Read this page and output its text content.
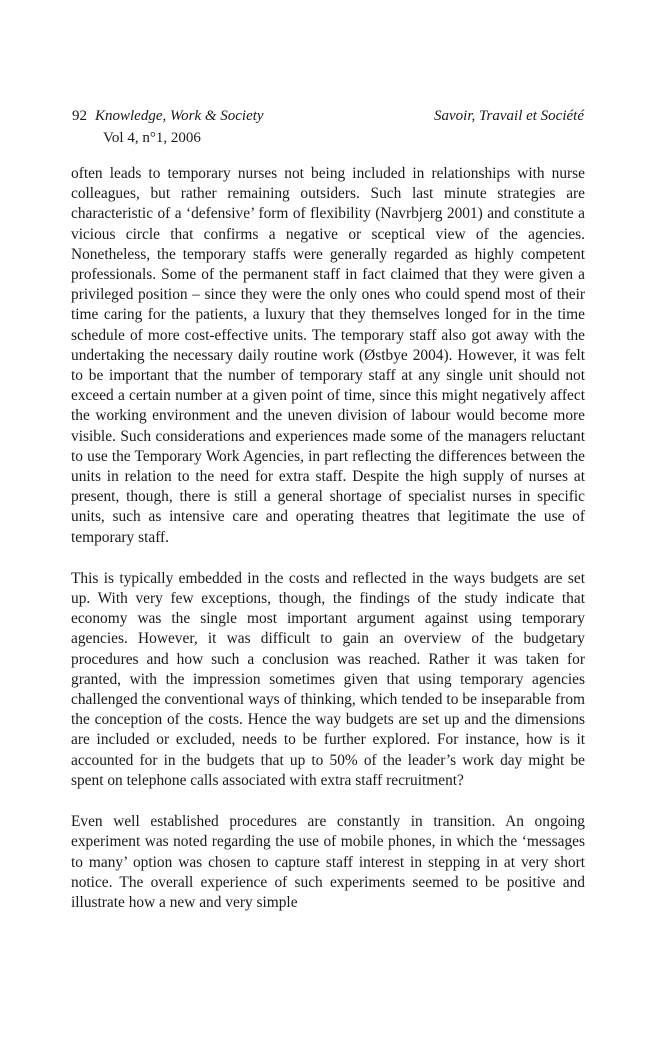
92 Knowledge, Work & Society
Vol 4, n°1, 2006
Savoir, Travail et Société

often leads to temporary nurses not being included in relationships with nurse colleagues, but rather remaining outsiders. Such last minute strategies are characteristic of a ‘defensive’ form of flexibility (Navrbjerg 2001) and constitute a vicious circle that confirms a negative or sceptical view of the agencies. Nonetheless, the temporary staffs were generally regarded as highly competent professionals. Some of the permanent staff in fact claimed that they were given a privileged position – since they were the only ones who could spend most of their time caring for the patients, a luxury that they themselves longed for in the time schedule of more cost-effective units. The temporary staff also got away with the undertaking the necessary daily routine work (Østbye 2004). However, it was felt to be important that the number of temporary staff at any single unit should not exceed a certain number at a given point of time, since this might negatively affect the working environment and the uneven division of labour would become more visible. Such considerations and experiences made some of the managers reluctant to use the Temporary Work Agencies, in part reflecting the differences between the units in relation to the need for extra staff. Despite the high supply of nurses at present, though, there is still a general shortage of specialist nurses in specific units, such as intensive care and operating theatres that legitimate the use of temporary staff.

This is typically embedded in the costs and reflected in the ways budgets are set up. With very few exceptions, though, the findings of the study indicate that economy was the single most important argument against using temporary agencies. However, it was difficult to gain an overview of the budgetary procedures and how such a conclusion was reached. Rather it was taken for granted, with the impression sometimes given that using temporary agencies challenged the conventional ways of thinking, which tended to be inseparable from the conception of the costs. Hence the way budgets are set up and the dimensions are included or excluded, needs to be further explored. For instance, how is it accounted for in the budgets that up to 50% of the leader’s work day might be spent on telephone calls associated with extra staff recruitment?

Even well established procedures are constantly in transition. An ongoing experiment was noted regarding the use of mobile phones, in which the ‘messages to many’ option was chosen to capture staff interest in stepping in at very short notice. The overall experience of such experiments seemed to be positive and illustrate how a new and very simple
